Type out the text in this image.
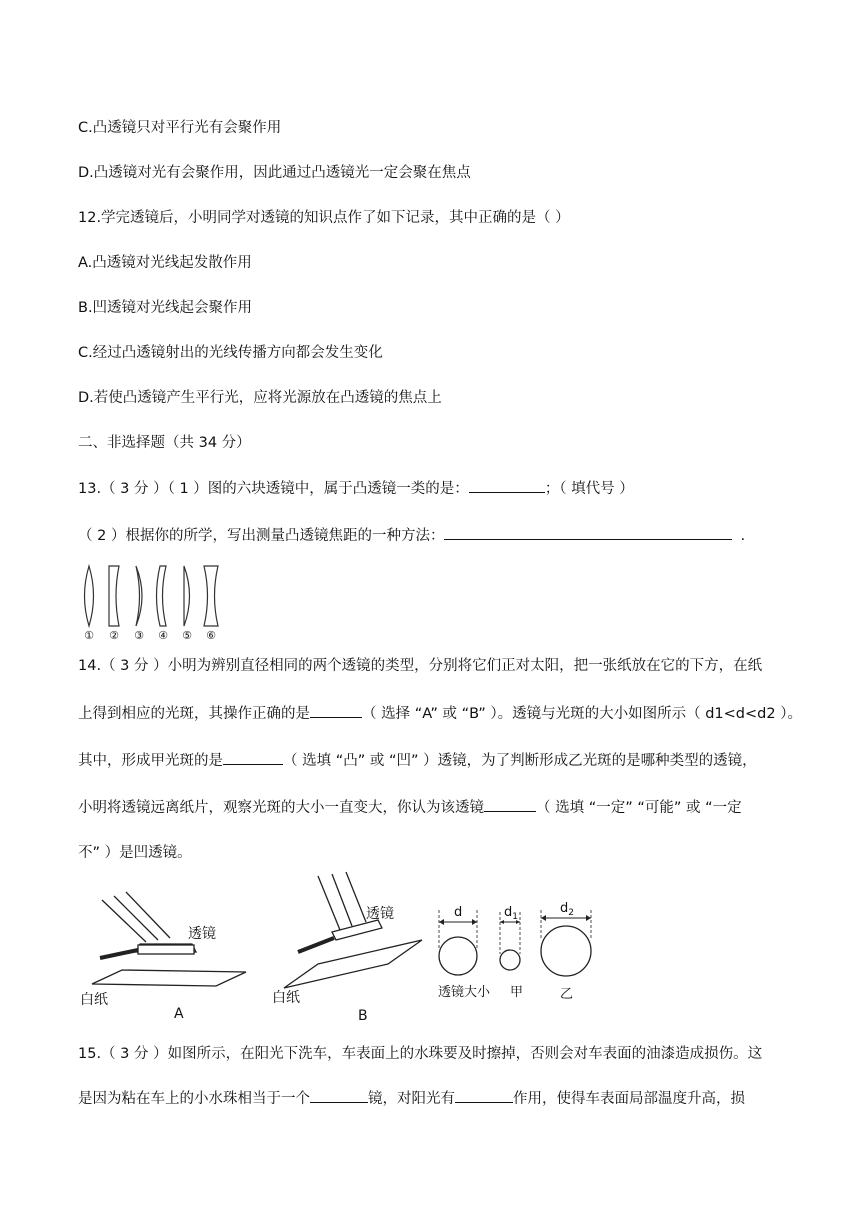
C.凸透镜只对平行光有会聚作用
D.凸透镜对光有会聚作用，因此通过凸透镜光一定会聚在焦点
12.学完透镜后，小明同学对透镜的知识点作了如下记录，其中正确的是（ ）
A.凸透镜对光线起发散作用
B.凹透镜对光线起会聚作用
C.经过凸透镜射出的光线传播方向都会发生变化
D.若使凸透镜产生平行光，应将光源放在凸透镜的焦点上
二、非选择题（共 34 分）
13.（ 3 分 ）（ 1 ）图的六块透镜中，属于凸透镜一类的是：	；（ 填代号 ）
（ 2 ）根据你的所学，写出测量凸透镜焦距的一种方法：	.
① ② ③ ④ ⑤ ⑥
14.（ 3 分 ）小明为辨别直径相同的两个透镜的类型，分别将它们正对太阳，把一张纸放在它的下方，在纸
上得到相应的光斑，其操作正确的是	（ 选择 “A” 或 “B” ）。透镜与光斑的大小如图所示（ d1<d<d2 ）。
其中，形成甲光斑的是	（ 选填 “凸” 或 “凹” ）透镜，为了判断形成乙光斑的是哪种类型的透镜，
小明将透镜远离纸片，观察光斑的大小一直变大，你认为该透镜	（ 选填 “一定” “可能” 或 “一定
不” ）是凹透镜。
透镜
透镜
白纸	白纸
A	B
d	$d_1$
$d_2$
透镜大小 甲	乙
15.（ 3 分 ）如图所示，在阳光下洗车，车表面上的水珠要及时擦掉，否则会对车表面的油漆造成损伤。这
是因为粘在车上的小水珠相当于一个	镜，对阳光有	作用，使得车表面局部温度升高，损
